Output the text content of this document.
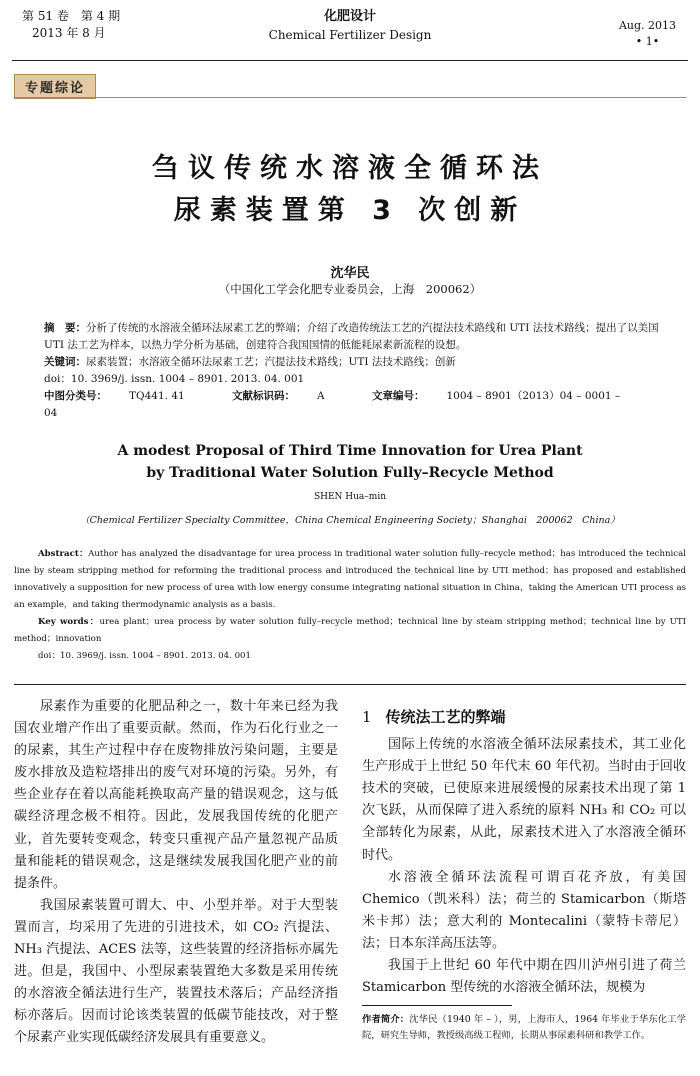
第 51 卷　第 4 期
2013 年 8 月
化肥设计
Chemical Fertilizer Design
Aug. 2013
• 1•
专题综论
刍议传统水溶液全循环法
尿素装置第 3 次创新
沈华民
（中国化工学会化肥专业委员会，上海　200062）
摘　要：分析了传统的水溶液全循环法尿素工艺的弊端；介绍了改造传统法工艺的汽提法技术路线和 UTI 法技术路线；提出了以美国 UTI 法工艺为样本，以热力学分析为基础，创建符合我国国情的低能耗尿素新流程的设想。
关键词：尿素装置；水溶液全循环法尿素工艺；汽提法技术路线；UTI 法技术路线；创新
doi：10. 3969/j. issn. 1004 – 8901. 2013. 04. 001
中图分类号： TQ441. 41	文献标识码： A	文章编号： 1004 – 8901（2013）04 – 0001 – 04
A modest Proposal of Third Time Innovation for Urea Plant
by Traditional Water Solution Fully–Recycle Method
SHEN Hua–min
（Chemical Fertilizer Specialty Committee，China Chemical Engineering Society；Shanghai　200062　China）

Abstract：Author has analyzed the disadvantage for urea process in traditional water solution fully–recycle method；has introduced the technical line by steam stripping method for reforming the traditional process and introduced the technical line by UTI method；has proposed and established innovatively a supposition for new process of urea with low energy consume integrating national situation in China，taking the American UTI process as an example，and taking thermodynamic analysis as a basis.

Key words：urea plant；urea process by water solution fully–recycle method；technical line by steam stripping method；technical line by UTI method；innovation

doi：10. 3969/j. issn. 1004 – 8901. 2013. 04. 001

尿素作为重要的化肥品种之一，数十年来已经为我国农业增产作出了重要贡献。然而，作为石化行业之一的尿素，其生产过程中存在废物排放污染问题，主要是废水排放及造粒塔排出的废气对环境的污染。另外，有些企业存在着以高能耗换取高产量的错误观念，这与低碳经济理念极不相符。因此，发展我国传统的化肥产业，首先要转变观念，转变只重视产品产量忽视产品质量和能耗的错误观念，这是继续发展我国化肥产业的前提条件。

我国尿素装置可谓大、中、小型并举。对于大型装置而言，均采用了先进的引进技术，如 CO₂ 汽提法、NH₃ 汽提法、ACES 法等，这些装置的经济指标亦属先进。但是，我国中、小型尿素装置绝大多数是采用传统的水溶液全循法进行生产，装置技术落后；产品经济指标亦落后。因而讨论该类装置的低碳节能技改，对于整个尿素产业实现低碳经济发展具有重要意义。

1 传统法工艺的弊端

国际上传统的水溶液全循环法尿素技术，其工业化生产形成于上世纪 50 年代末 60 年代初。当时由于回收技术的突破，已使原来进展缓慢的尿素技术出现了第 1 次飞跃，从而保障了进入系统的原料 NH₃ 和 CO₂ 可以全部转化为尿素，从此，尿素技术进入了水溶液全循环时代。

水溶液全循环法流程可谓百花齐放，有美国 Chemico（凯米科）法；荷兰的 Stamicarbon（斯塔米卡邦）法；意大利的 Montecalini（蒙特卡蒂尼）法；日本东洋高压法等。

我国于上世纪 60 年代中期在四川泸州引进了荷兰 Stamicarbon 型传统的水溶液全循环法，规模为

作者简介：沈华民（1940 年 – ），男，上海市人，1964 年毕业于华东化工学院，研究生导师，教授级高级工程师，长期从事尿素科研和教学工作。
